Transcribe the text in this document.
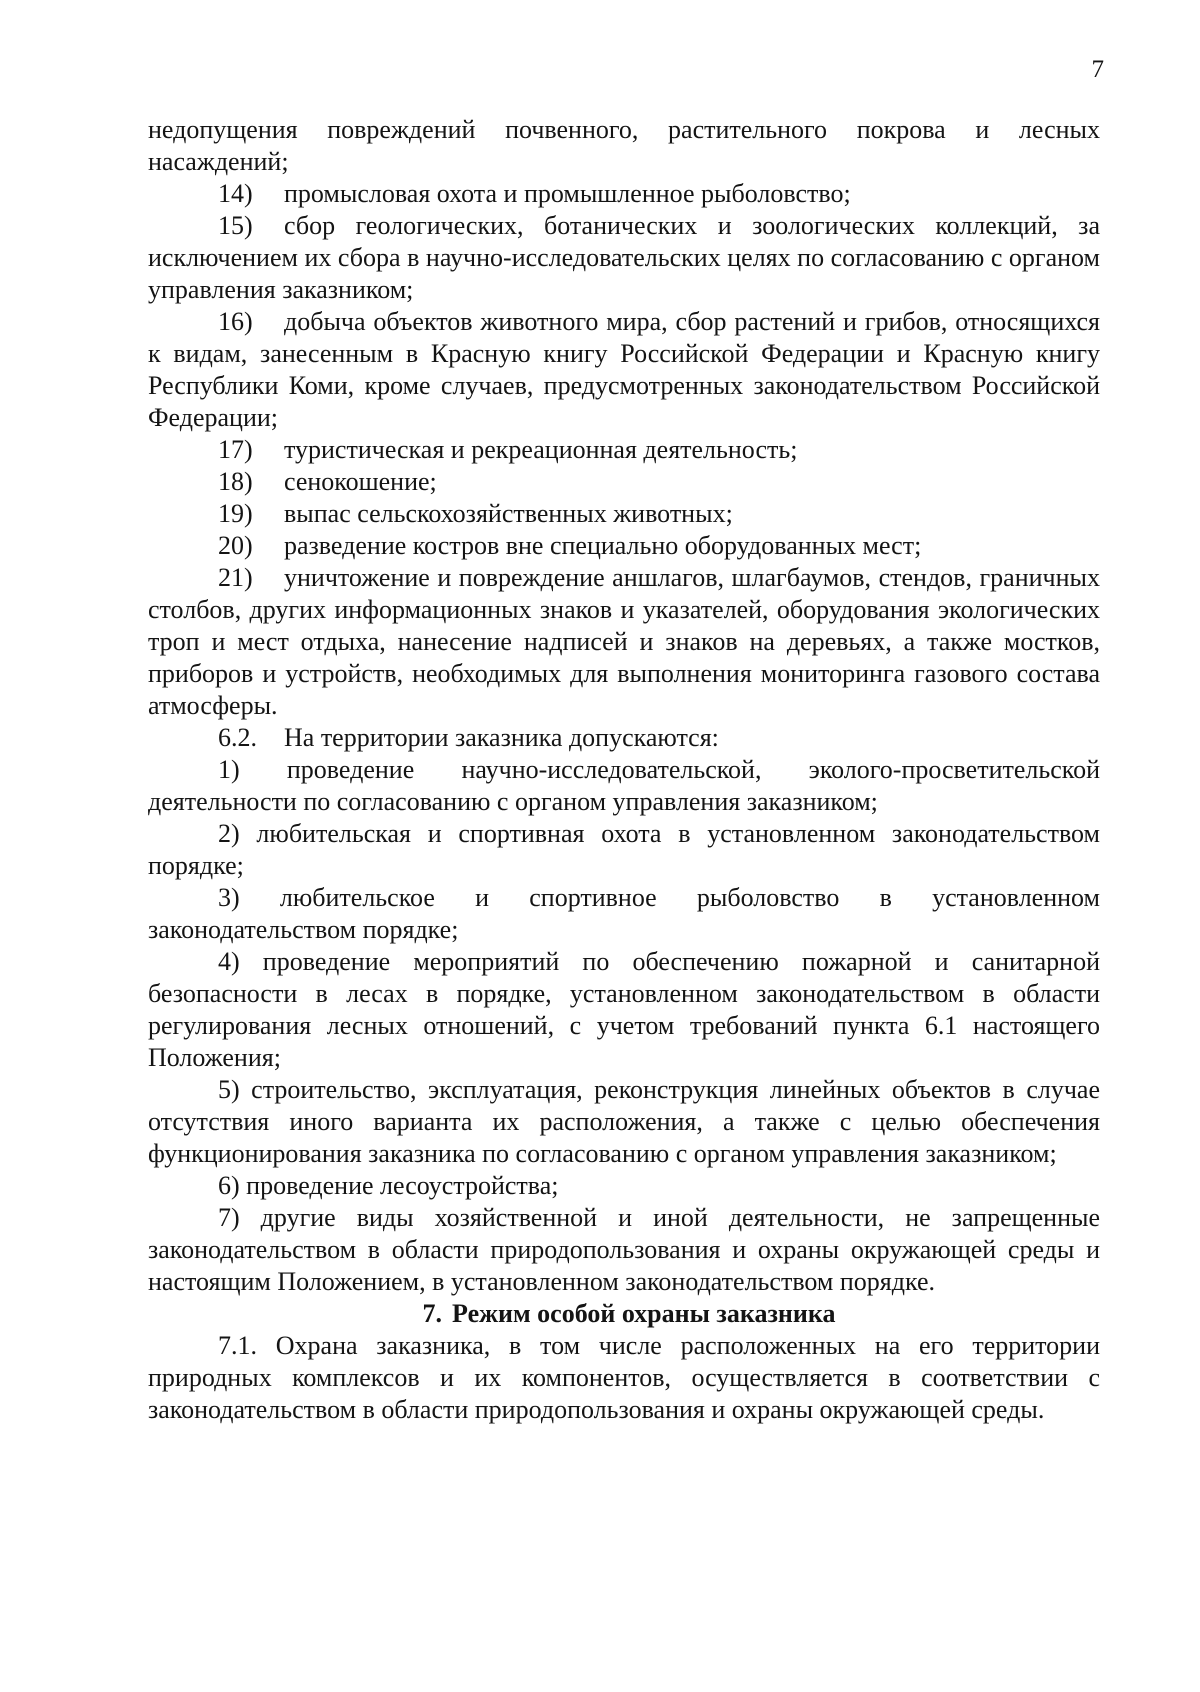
7

недопущения повреждений почвенного, растительного покрова и лесных насаждений;

14) промысловая охота и промышленное рыболовство;

15) сбор геологических, ботанических и зоологических коллекций, за исключением их сбора в научно-исследовательских целях по согласованию с органом управления заказником;

16) добыча объектов животного мира, сбор растений и грибов, относящихся к видам, занесенным в Красную книгу Российской Федерации и Красную книгу Республики Коми, кроме случаев, предусмотренных законодательством Российской Федерации;

17) туристическая и рекреационная деятельность;

18) сенокошение;

19) выпас сельскохозяйственных животных;

20) разведение костров вне специально оборудованных мест;

21) уничтожение и повреждение аншлагов, шлагбаумов, стендов, граничных столбов, других информационных знаков и указателей, оборудования экологических троп и мест отдыха, нанесение надписей и знаков на деревьях, а также мостков, приборов и устройств, необходимых для выполнения мониторинга газового состава атмосферы.

6.2. На территории заказника допускаются:

1) проведение научно-исследовательской, эколого-просветительской деятельности по согласованию с органом управления заказником;

2) любительская и спортивная охота в установленном законодательством порядке;

3) любительское и спортивное рыболовство в установленном законодательством порядке;

4) проведение мероприятий по обеспечению пожарной и санитарной безопасности в лесах в порядке, установленном законодательством в области регулирования лесных отношений, с учетом требований пункта 6.1 настоящего Положения;

5) строительство, эксплуатация, реконструкция линейных объектов в случае отсутствия иного варианта их расположения, а также с целью обеспечения функционирования заказника по согласованию с органом управления заказником;

6) проведение лесоустройства;

7) другие виды хозяйственной и иной деятельности, не запрещенные законодательством в области природопользования и охраны окружающей среды и настоящим Положением, в установленном законодательством порядке.

7. Режим особой охраны заказника

7.1. Охрана заказника, в том числе расположенных на его территории природных комплексов и их компонентов, осуществляется в соответствии с законодательством в области природопользования и охраны окружающей среды.
